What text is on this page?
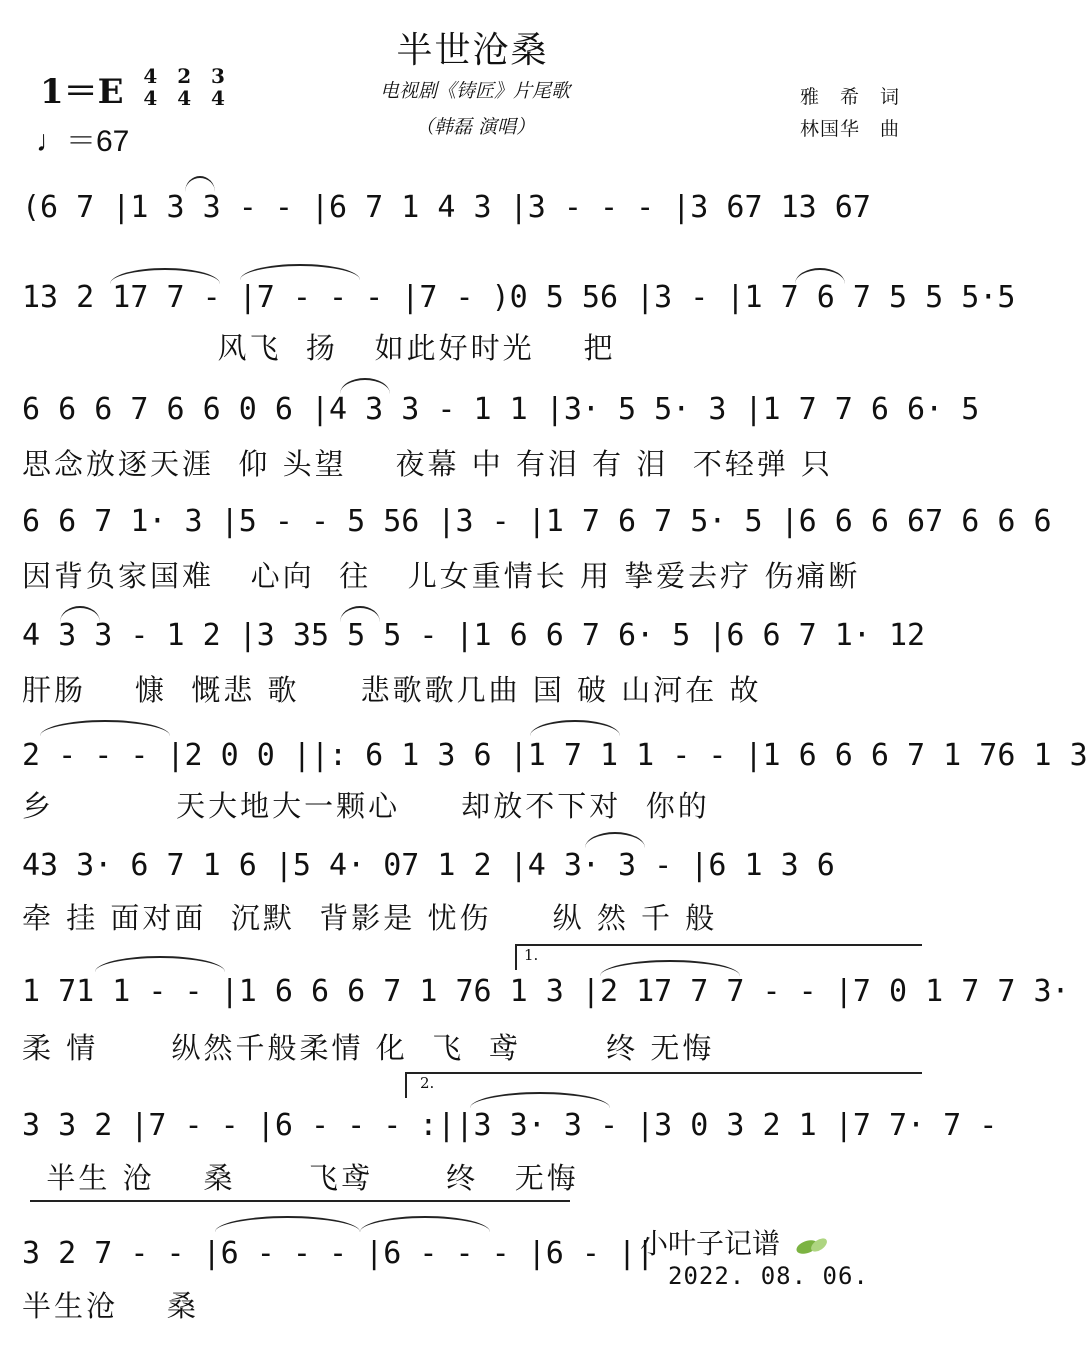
半世沧桑
1＝E 4
4 2
4 3
4
♩＝67
电视剧《铸匠》片尾歌
（韩磊 演唱）
雅　希　词
林国华　曲
(6 7 |1 3 3 - - |6 7 1 4 3 |3 - - - |3 67 13 67
13 2 17 7 - |7 - - - |7 - )0 5 56 |3 - |1 7 6 7 5 5 5·5
风飞  扬   如此好时光    把
6 6 6 7 6 6 0 6 |4 3 3 - 1 1 |3· 5 5· 3 |1 7 7 6 6· 5
思念放逐天涯  仰 头望    夜幕 中 有泪 有 泪  不轻弹 只
6 6 7 1· 3 |5 - - 5 56 |3 - |1 7 6 7 5· 5 |6 6 6 67 6 6 6
因背负家国难   心向  往   儿女重情长 用 挚爱去疗 伤痛断
4 3 3 - 1 2 |3 35 5 5 - |1 6 6 7 6· 5 |6 6 7 1· 12
肝肠    慷  慨悲 歌     悲歌歌几曲 国 破 山河在 故
2 - - - |2 0 0 ||: 6 1 3 6 |1 7 1 1 - - |1 6 6 6 7 1 76 1 3
乡          天大地大一颗心     却放不下对  你的
43 3· 6 7 1 6 |5 4· 07 1 2 |4 3· 3 - |6 1 3 6
牵 挂 面对面  沉默  背影是 忧伤     纵 然 千 般
1.
1 71 1 - - |1 6 6 6 7 1 76 1 3 |2 17 7 7 - - |7 0 1 7 7 3·
柔 情      纵然千般柔情 化  飞  鸢       终 无悔
2.
3 3 2 |7 - - |6 - - - :||3 3· 3 - |3 0 3 2 1 |7 7· 7 -
半生 沧    桑      飞鸢      终   无悔
3 2 7 - - |6 - - - |6 - - - |6 - ||
半生沧    桑
小叶子记谱
2022. 08. 06.
